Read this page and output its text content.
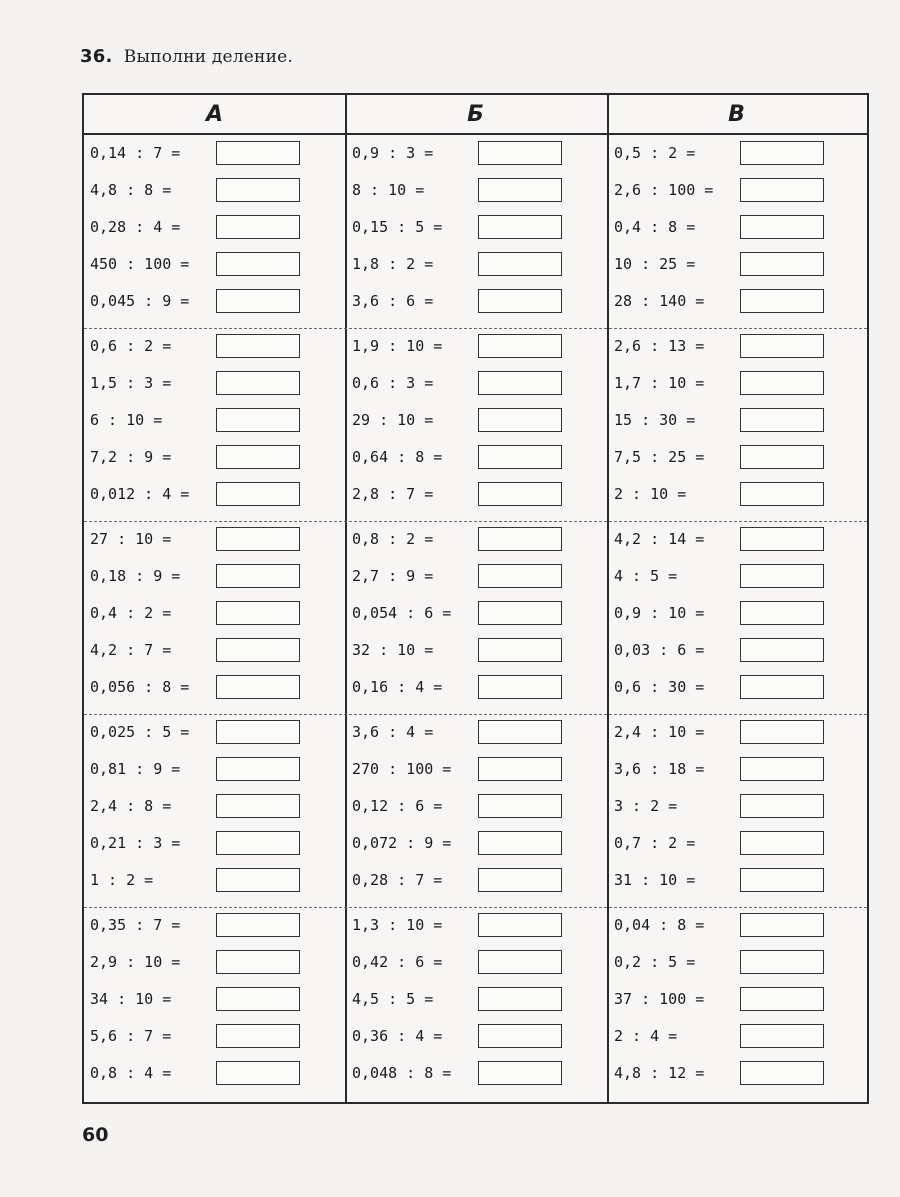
36. Выполни деление.
А	Б	В
0,14 : 7 =
4,8 : 8 =
0,28 : 4 =
450 : 100 =
0,045 : 9 =
0,6 : 2 =
1,5 : 3 =
6 : 10 =
7,2 : 9 =
0,012 : 4 =
27 : 10 =
0,18 : 9 =
0,4 : 2 =
4,2 : 7 =
0,056 : 8 =
0,025 : 5 =
0,81 : 9 =
2,4 : 8 =
0,21 : 3 =
1 : 2 =
0,35 : 7 =
2,9 : 10 =
34 : 10 =
5,6 : 7 =
0,8 : 4 =
0,9 : 3 =
8 : 10 =
0,15 : 5 =
1,8 : 2 =
3,6 : 6 =
1,9 : 10 =
0,6 : 3 =
29 : 10 =
0,64 : 8 =
2,8 : 7 =
0,8 : 2 =
2,7 : 9 =
0,054 : 6 =
32 : 10 =
0,16 : 4 =
3,6 : 4 =
270 : 100 =
0,12 : 6 =
0,072 : 9 =
0,28 : 7 =
1,3 : 10 =
0,42 : 6 =
4,5 : 5 =
0,36 : 4 =
0,048 : 8 =
0,5 : 2 =
2,6 : 100 =
0,4 : 8 =
10 : 25 =
28 : 140 =
2,6 : 13 =
1,7 : 10 =
15 : 30 =
7,5 : 25 =
2 : 10 =
4,2 : 14 =
4 : 5 =
0,9 : 10 =
0,03 : 6 =
0,6 : 30 =
2,4 : 10 =
3,6 : 18 =
3 : 2 =
0,7 : 2 =
31 : 10 =
0,04 : 8 =
0,2 : 5 =
37 : 100 =
2 : 4 =
4,8 : 12 =
60
